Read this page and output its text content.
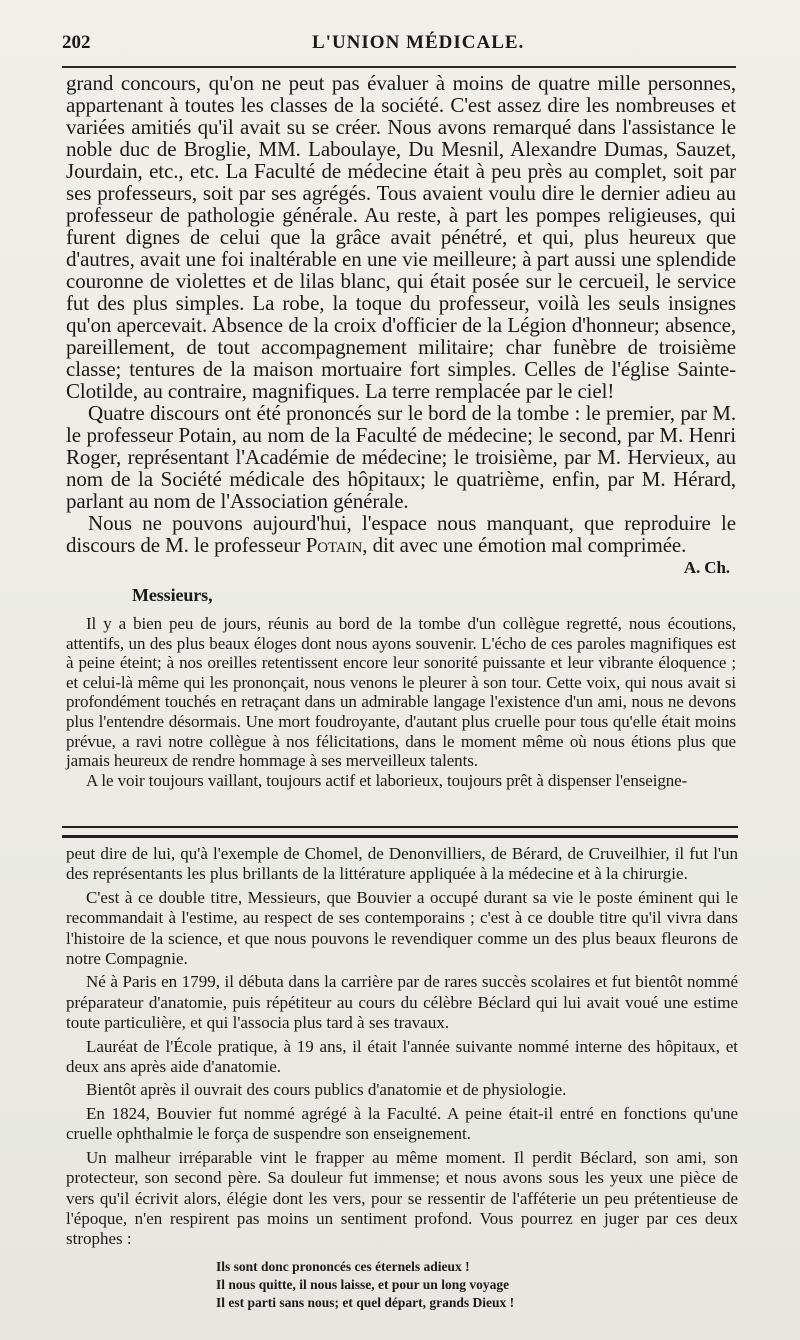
202	L'UNION MÉDICALE.

grand concours, qu'on ne peut pas évaluer à moins de quatre mille personnes, appartenant à toutes les classes de la société. C'est assez dire les nombreuses et variées amitiés qu'il avait su se créer. Nous avons remarqué dans l'assistance le noble duc de Broglie, MM. Laboulaye, Du Mesnil, Alexandre Dumas, Sauzet, Jourdain, etc., etc. La Faculté de médecine était à peu près au complet, soit par ses professeurs, soit par ses agrégés. Tous avaient voulu dire le dernier adieu au professeur de pathologie générale. Au reste, à part les pompes religieuses, qui furent dignes de celui que la grâce avait pénétré, et qui, plus heureux que d'autres, avait une foi inaltérable en une vie meilleure; à part aussi une splendide couronne de violettes et de lilas blanc, qui était posée sur le cercueil, le service fut des plus simples. La robe, la toque du professeur, voilà les seuls insignes qu'on apercevait. Absence de la croix d'officier de la Légion d'honneur; absence, pareillement, de tout accompagnement militaire; char funèbre de troisième classe; tentures de la maison mortuaire fort simples. Celles de l'église Sainte-Clotilde, au contraire, magnifiques. La terre remplacée par le ciel!

Quatre discours ont été prononcés sur le bord de la tombe : le premier, par M. le professeur Potain, au nom de la Faculté de médecine; le second, par M. Henri Roger, représentant l'Académie de médecine; le troisième, par M. Hervieux, au nom de la Société médicale des hôpitaux; le quatrième, enfin, par M. Hérard, parlant au nom de l'Association générale.

Nous ne pouvons aujourd'hui, l'espace nous manquant, que reproduire le discours de M. le professeur Potain, dit avec une émotion mal comprimée.

A. Ch.
Messieurs,

Il y a bien peu de jours, réunis au bord de la tombe d'un collègue regretté, nous écoutions, attentifs, un des plus beaux éloges dont nous ayons souvenir. L'écho de ces paroles magnifiques est à peine éteint; à nos oreilles retentissent encore leur sonorité puissante et leur vibrante éloquence ; et celui-là même qui les prononçait, nous venons le pleurer à son tour. Cette voix, qui nous avait si profondément touchés en retraçant dans un admirable langage l'existence d'un ami, nous ne devons plus l'entendre désormais. Une mort foudroyante, d'autant plus cruelle pour tous qu'elle était moins prévue, a ravi notre collègue à nos félicitations, dans le moment même où nous étions plus que jamais heureux de rendre hommage à ses merveilleux talents.

A le voir toujours vaillant, toujours actif et laborieux, toujours prêt à dispenser l'enseigne-

peut dire de lui, qu'à l'exemple de Chomel, de Denonvilliers, de Bérard, de Cruveilhier, il fut l'un des représentants les plus brillants de la littérature appliquée à la médecine et à la chirurgie.

C'est à ce double titre, Messieurs, que Bouvier a occupé durant sa vie le poste éminent qui le recommandait à l'estime, au respect de ses contemporains ; c'est à ce double titre qu'il vivra dans l'histoire de la science, et que nous pouvons le revendiquer comme un des plus beaux fleurons de notre Compagnie.

Né à Paris en 1799, il débuta dans la carrière par de rares succès scolaires et fut bientôt nommé préparateur d'anatomie, puis répétiteur au cours du célèbre Béclard qui lui avait voué une estime toute particulière, et qui l'associa plus tard à ses travaux.

Lauréat de l'École pratique, à 19 ans, il était l'année suivante nommé interne des hôpitaux, et deux ans après aide d'anatomie.

Bientôt après il ouvrait des cours publics d'anatomie et de physiologie.

En 1824, Bouvier fut nommé agrégé à la Faculté. A peine était-il entré en fonctions qu'une cruelle ophthalmie le força de suspendre son enseignement.

Un malheur irréparable vint le frapper au même moment. Il perdit Béclard, son ami, son protecteur, son second père. Sa douleur fut immense; et nous avons sous les yeux une pièce de vers qu'il écrivit alors, élégie dont les vers, pour se ressentir de l'afféterie un peu prétentieuse de l'époque, n'en respirent pas moins un sentiment profond. Vous pourrez en juger par ces deux strophes :

Ils sont donc prononcés ces éternels adieux !
Il nous quitte, il nous laisse, et pour un long voyage
Il est parti sans nous; et quel départ, grands Dieux !
